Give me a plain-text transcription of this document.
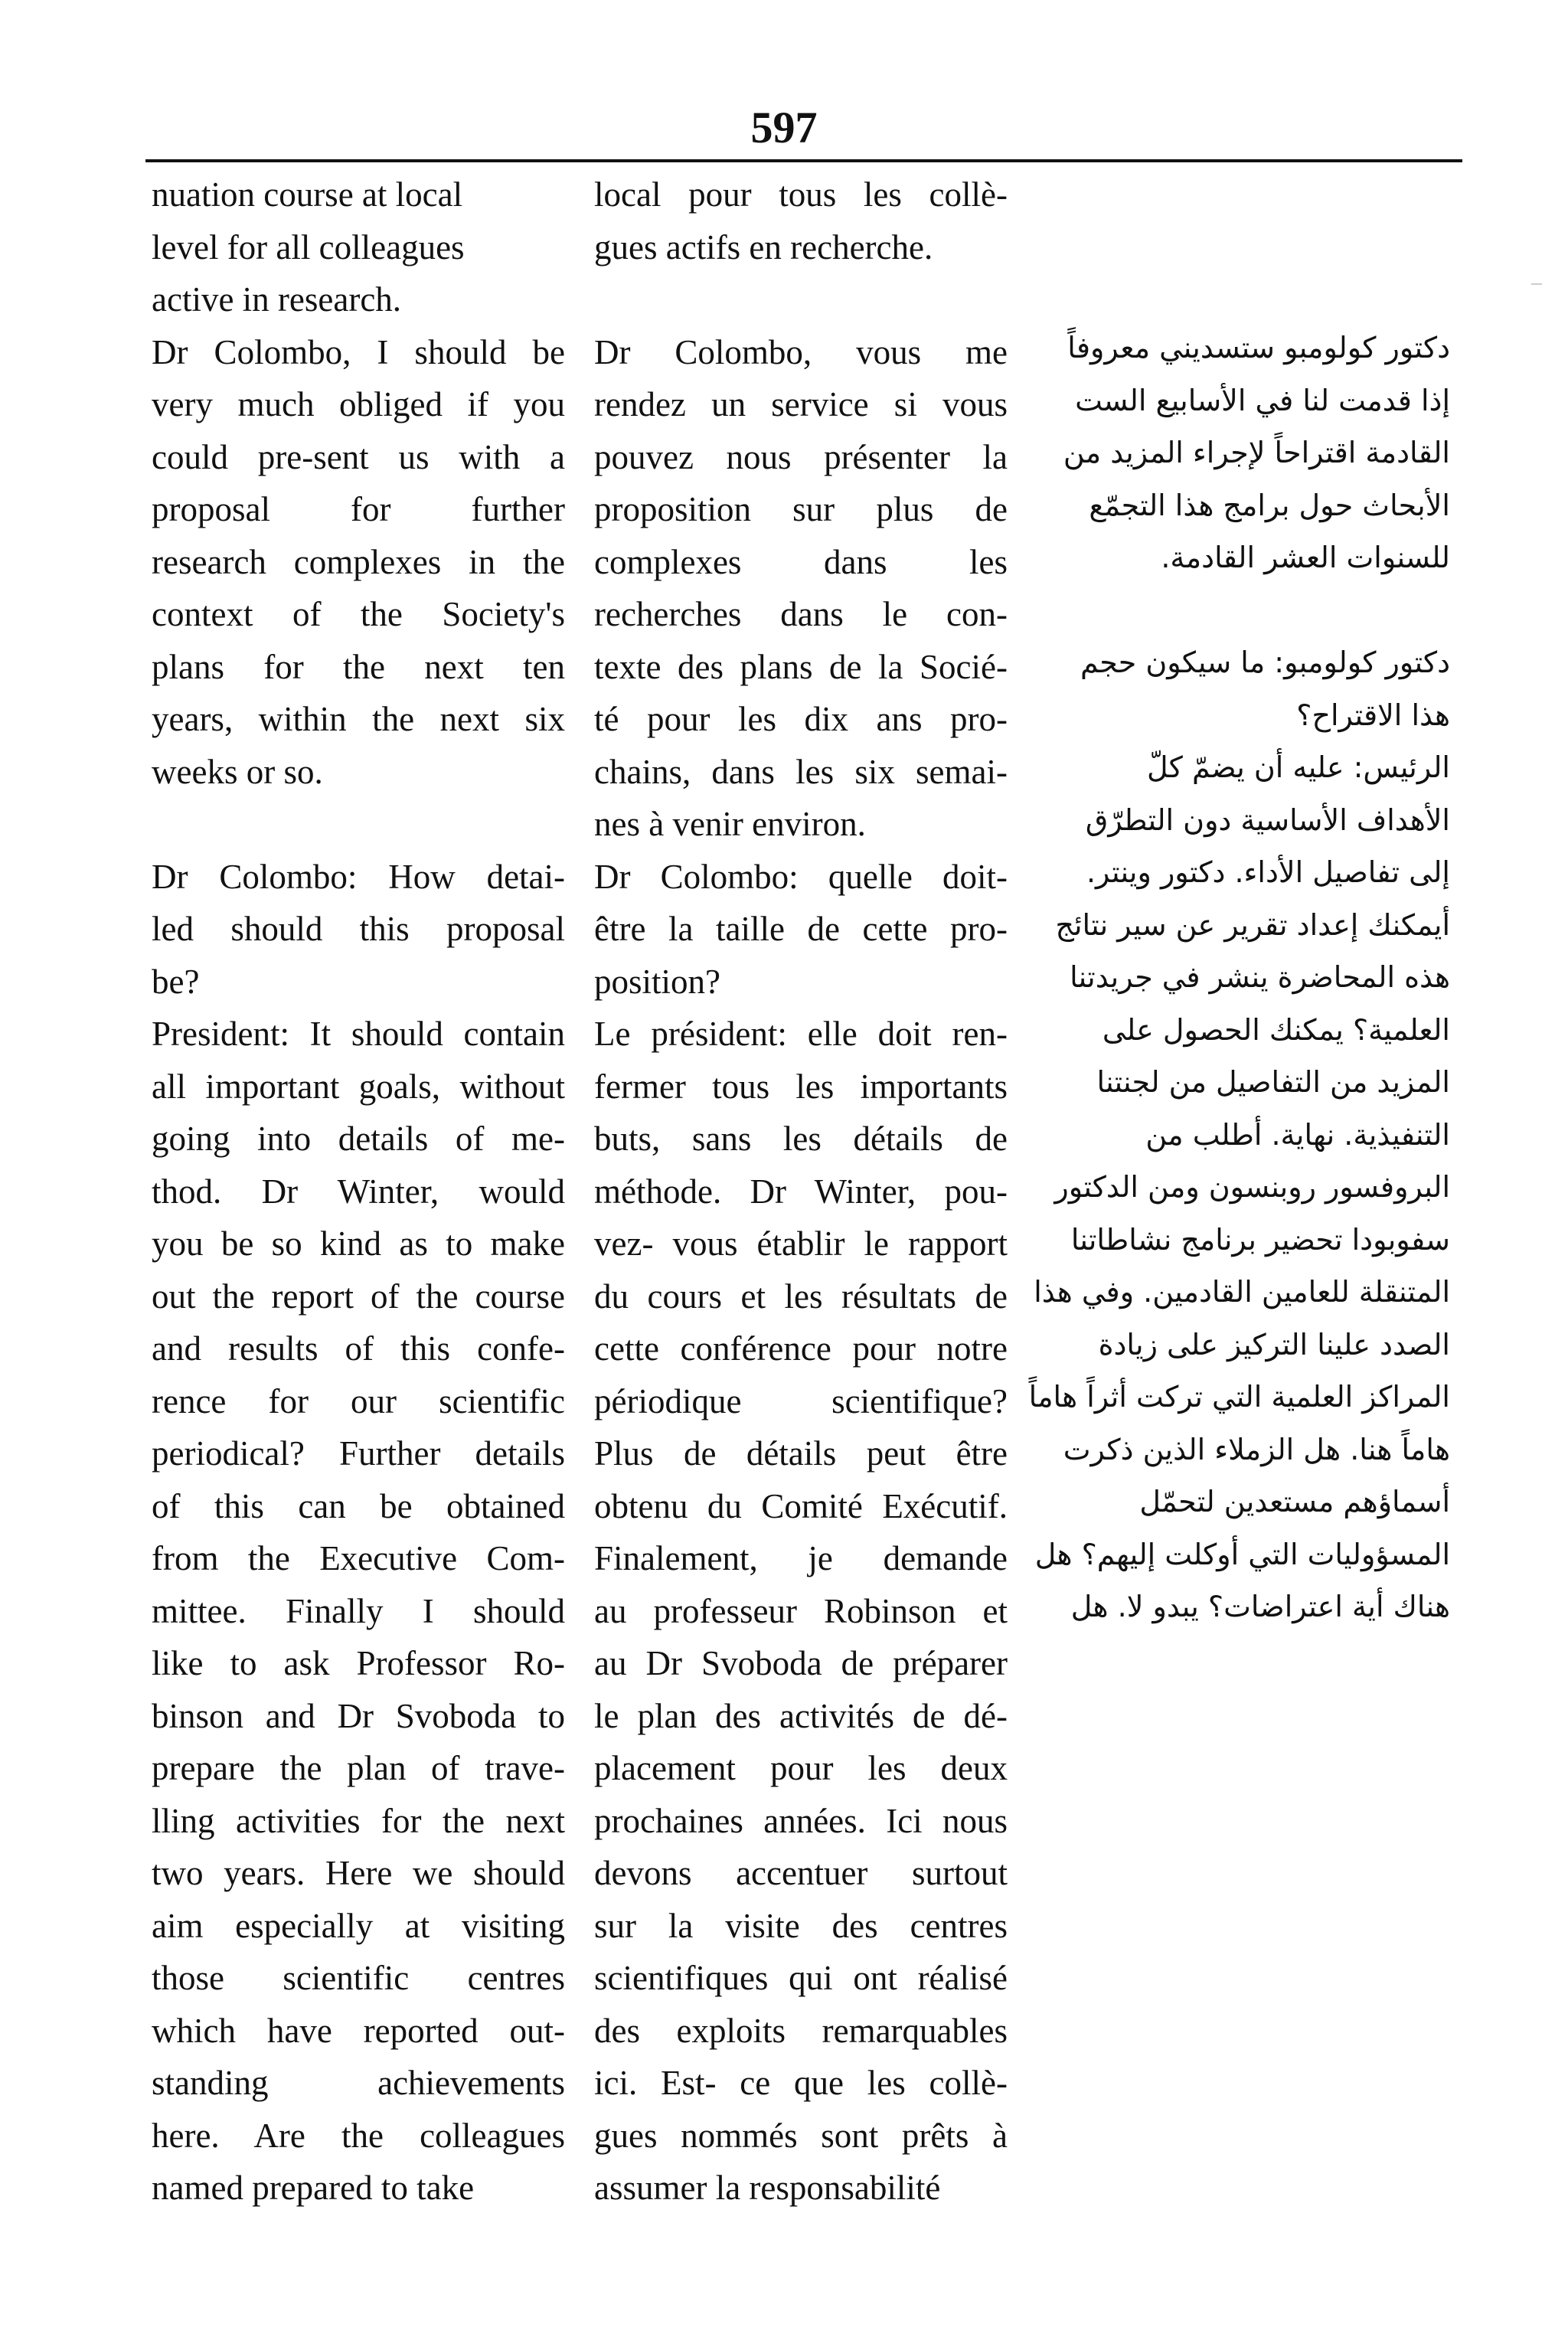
597
nuation course at local
level for all colleagues
active in research.
Dr Colombo, I should be
very much obliged if you
could pre-sent us with a
proposal for further
research complexes in the
context of the Society's
plans for the next ten
years, within the next six
weeks or so.
Dr Colombo: How detai-
led should this proposal
be?
President: It should contain
all important goals, without
going into details of me-
thod. Dr Winter, would
you be so kind as to make
out the report of the course
and results of this confe-
rence for our scientific
periodical? Further details
of this can be obtained
from the Executive Com-
mittee. Finally I should
like to ask Professor Ro-
binson and Dr Svoboda to
prepare the plan of trave-
lling activities for the next
two years. Here we should
aim especially at visiting
those scientific centres
which have reported out-
standing achievements
here. Are the colleagues
named prepared to take
local pour tous les collè-
gues actifs en recherche.
Dr Colombo, vous me
rendez un service si vous
pouvez nous présenter la
proposition sur plus de
complexes dans les
recherches dans le con-
texte des plans de la Socié-
té pour les dix ans pro-
chains, dans les six semai-
nes à venir environ.
Dr Colombo: quelle doit-
être la taille de cette pro-
position?
Le président: elle doit ren-
fermer tous les importants
buts, sans les détails de
méthode. Dr Winter, pou-
vez- vous établir le rapport
du cours et les résultats de
cette conférence pour notre
périodique scientifique?
Plus de détails peut être
obtenu du Comité Exécutif.
Finalement, je demande
au professeur Robinson et
au Dr Svoboda de préparer
le plan des activités de dé-
placement pour les deux
prochaines années. Ici nous
devons accentuer surtout
sur la visite des centres
scientifiques qui ont réalisé
des exploits remarquables
ici. Est- ce que les collè-
gues nommés sont prêts à
assumer la responsabilité
دكتور كولومبو ستسديني معروفاً
إذا قدمت لنا في الأسابيع الست
القادمة اقتراحاً لإجراء المزيد من
الأبحاث حول برامج هذا التجمّع
للسنوات العشر القادمة.
دكتور كولومبو: ما سيكون حجم
هذا الاقتراح؟
الرئيس: عليه أن يضمّ كلّ
الأهداف الأساسية دون التطرّق
إلى تفاصيل الأداء. دكتور وينتر.
أيمكنك إعداد تقرير عن سير نتائج
هذه المحاضرة ينشر في جريدتنا
العلمية؟ يمكنك الحصول على
المزيد من التفاصيل من لجنتنا
التنفيذية. نهاية. أطلب من
البروفسور روبنسون ومن الدكتور
سفوبودا تحضير برنامج نشاطاتنا
المتنقلة للعامين القادمين. وفي هذا
الصدد علينا التركيز على زيادة
المراكز العلمية التي تركت أثراً هاماً
هاماً هنا. هل الزملاء الذين ذكرت
أسماؤهم مستعدين لتحمّل
المسؤوليات التي أوكلت إليهم؟ هل
هناك أية اعتراضات؟ يبدو لا. هل
